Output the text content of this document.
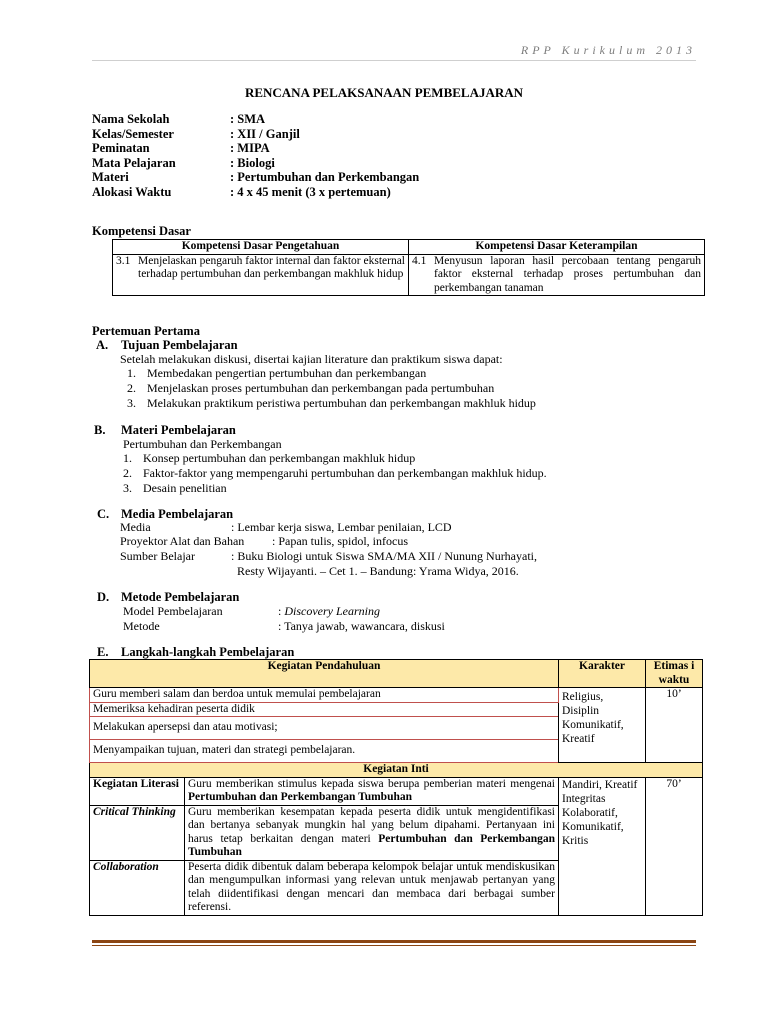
RPP Kurikulum 2013
RENCANA PELAKSANAAN PEMBELAJARAN
Nama Sekolah	: SMA
Kelas/Semester	: XII / Ganjil
Peminatan	: MIPA
Mata Pelajaran	: Biologi
Materi	: Pertumbuhan dan Perkembangan
Alokasi Waktu	: 4 x 45 menit (3 x pertemuan)
Kompetensi Dasar
Kompetensi Dasar Pengetahuan	Kompetensi Dasar Keterampilan

3.1 Menjelaskan pengaruh faktor internal dan faktor eksternal terhadap pertumbuhan dan perkembangan makhluk hidup	4.1 Menyusun laporan hasil percobaan tentang pengaruh faktor eksternal terhadap proses pertumbuhan dan perkembangan tanaman
Pertemuan Pertama
A. Tujuan Pembelajaran
Setelah melakukan diskusi, disertai kajian literature dan praktikum siswa dapat:
1. Membedakan pengertian pertumbuhan dan perkembangan
2. Menjelaskan proses pertumbuhan dan perkembangan pada pertumbuhan
3. Melakukan praktikum peristiwa pertumbuhan dan perkembangan makhluk hidup
B. Materi Pembelajaran
Pertumbuhan dan Perkembangan
1. Konsep pertumbuhan dan perkembangan makhluk hidup
2. Faktor-faktor yang mempengaruhi pertumbuhan dan perkembangan makhluk hidup.
3. Desain penelitian
C. Media Pembelajaran
Media	: Lembar kerja siswa, Lembar penilaian, LCD
Proyektor Alat dan Bahan : Papan tulis, spidol, infocus
Sumber Belajar	: Buku Biologi untuk Siswa SMA/MA XII / Nunung Nurhayati,
Resty Wijayanti. – Cet 1. – Bandung: Yrama Widya, 2016.
D. Metode Pembelajaran
Model Pembelajaran	: Discovery Learning
Metode	: Tanya jawab, wawancara, diskusi
E. Langkah-langkah Pembelajaran
Kegiatan Pendahuluan		Karakter	Etimas i waktu
Guru memberi salam dan berdoa untuk memulai pembelajaran		Religius, Disiplin Komunikatif, Kreatif	10’
Memeriksa kehadiran peserta didik			
Melakukan apersepsi dan atau motivasi;			
Menyampaikan tujuan, materi dan strategi pembelajaran.			
Kegiatan Inti			
Kegiatan Literasi	Guru memberikan stimulus kepada siswa berupa pemberian materi mengenai Pertumbuhan dan Perkembangan Tumbuhan	Mandiri, Kreatif Integritas Kolaboratif, Komunikatif, Kritis	70’
Critical Thinking	Guru memberikan kesempatan kepada peserta didik untuk mengidentifikasi dan bertanya sebanyak mungkin hal yang belum dipahami. Pertanyaan ini harus tetap berkaitan dengan materi Pertumbuhan dan Perkembangan Tumbuhan		
Collaboration	Peserta didik dibentuk dalam beberapa kelompok belajar untuk mendiskusikan dan mengumpulkan informasi yang relevan untuk menjawab pertanyan yang telah diidentifikasi dengan mencari dan membaca dari berbagai sumber referensi.		
